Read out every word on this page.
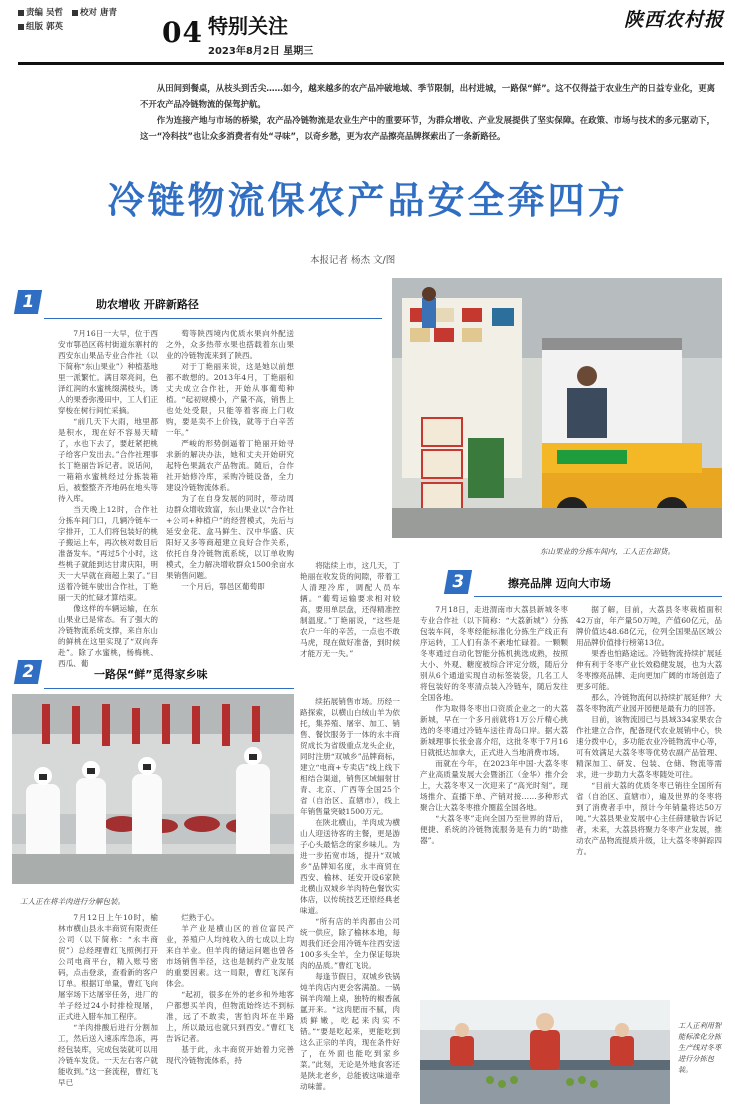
责编 吴哲 校对 唐青
组版 郭英	04 特别关注
2023年8月2日 星期三
陕西农村报

从田间到餐桌，从枝头到舌尖……如今，越来越多的农产品冲破地域、季节限制，出村进城，一路保“鲜”。这不仅得益于农业生产的日益专业化，更离不开农产品冷链物流的保驾护航。

作为连接产地与市场的桥梁，农产品冷链物流是农业生产中的重要环节，为群众增收、产业发展提供了坚实保障。在政策、市场与技术的多元驱动下，这一“冷科技”也让众多消费者有处“寻味”，以奇乡愁，更为农产品擦亮品牌探索出了一条新路径。

冷链物流保农产品安全奔四方
本报记者 杨杰 文/图
1	助农增收 开辟新路径

7月16日一大早，位于西安市鄠邑区蒋村街道东寨村的西安东山果品专业合作社（以下简称“东山果业”）种植基地里一派繁忙。满目翠亮间，色泽红润的水蜜桃缀满枝头，诱人的果香弥漫田中，工人们正穿梭在树行间忙采摘。

“前几天下大雨，地里都是积水，现在好不容易天晴了，水也下去了，要赶紧把桃子给客户发出去。”合作社理事长丁艳丽告诉记者。说话间，一箱箱水蜜桃经过分拣装箱后，被整整齐齐地码在地头等待入库。

当天晚上12时，合作社分拣车间门口，几辆冷链车一字排开，工人们将包装好的桃子搬运上车，再次核对数目后准备发车。“再过5个小时，这些桃子就能到达甘肃庆阳，明天一大早就在商超上架了。”目送着冷链车驶出合作社，丁艳丽一天的忙碌才算结束。

像这样的车辆运输，在东山果业已是常态。有了强大的冷链物流系统支撑，来自东山的鲜桃在这里实现了“双向奔赴”。除了水蜜桃，杨梅桃、西瓜、葡

萄等陕西境内优质水果向外配送之外，众多热带水果也搭载着东山果业的冷链物流来到了陕西。

对于丁艳丽来说，这是她以前想都不敢想的。2013年4月，丁艳丽和丈夫成立合作社，开始从事葡萄种植。“起初规模小，产量不高，销售上也处处受限，只能等着客商上门收购，要是卖不上价钱，就等于白辛苦一年。”

严峻的形势倒逼着丁艳丽开始寻求新的解决办法，她和丈夫开始研究起特色果蔬农产品物流。随后，合作社开始修冷库，采购冷链设备，全力建设冷链物流体系。

为了在自身发展的同时，带动周边群众增收致富，东山果业以“合作社+公司+种植户”的经营模式，先后与延安金花、盒马鲜生、汉中华盛、庆阳好又多等商超建立良好合作关系，依托自身冷链物流系统，以订单收购模式，全力解决增收群众1500余亩水果销售问题。

一个月后，鄠邑区葡萄即

东山果业的分拣车间内，工人正在卸货。

将陆续上市，这几天，丁艳丽在收发货的间隙，带着工人清理冷库，调配人员车辆。“葡萄运输要求相对较高，要用单层盘，还得精准控制温度。”丁艳丽说，“这些是农户一年的辛苦，一点也不敢马虎，现在做好准备，到时候才能万无一失。”

2	一路保“鲜”觅得家乡味
工人正在将羊肉进行分解包装。

7月12日上午10时，榆林市横山县永丰商贸有限责任公司（以下简称：“永丰商贸”）总经理曹红飞照例打开公司电商平台，精入账号密码，点击登录，查看新的客户订单。根据订单量，曹红飞向屠宰场下达屠宰任务，进厂的羊子经过24小时排检现屠，正式进入腊车加工程序。

“羊肉排酸后进行分割加工，然后送入速冻库急冻，再经包装库，完成包装就可以用冷链车发货。一天左右客户就能收到。”这一套流程，曹红飞早已

烂熟于心。

羊产业是横山区的首位富民产业，养殖户人均纯收入的七成以上均来自羊业。但羊肉的储运问题也曾各市场销售半径，这也是制约产业发展的重要因素。这一局限，曹红飞深有体会。

“起初，很多在外的老乡和外地客户都想买羊肉，但物流始终达不到标准，远了不敢卖，害怕肉坏在半路上，所以最远也就只到西安。”曹红飞告诉记者。

基于此，永丰商贸开始着力完善现代冷链物流体系，持

续拓展销售市场。历经一路探索，以横山白绒山羊为依托，集养殖、屠宰、加工、销售、餐饮服务于一体的永丰商贸成长为省级重点龙头企业，同时注册“双城乡”品牌商标，建立“电商+专卖店”线上线下相结合渠道，销售区域辐射甘青、北京、广西等全国25个省（自治区、直辖市），线上年销售量突破1500万元。

在陕北横山，羊肉成为横山人迎送待客的主餐，更是游子心头最惦念的家乡味儿。为进一步拓宽市场，提升“双城乡”品牌知名度，永丰商贸在西安、榆林、延安开设6家陕北横山双城乡羊肉特色餐饮实体店，以传统技艺还原经典老味道。

“所有店的羊肉都由公司统一供应，除了榆林本地，每周我们还会用冷链车往西安送100多头全羊，全力保证每块肉的品质。”曹红飞说。

每逢节假日，双城乡铁锅炖羊肉店内更会客满盈。一锅锅羊肉端上桌，独特的椒香氤氲开来。“这肉肥而不腻，肉质鲜嫩，吃起来肉实不错。”“要是吃起来，更能吃到这么正宗的羊肉，现在条件好了，在外面也能吃到家乡菜。”此刻，无论是外地食客还是陕北老乡，总能被这味道牵动味蕾。

3	擦亮品牌 迈向大市场

7月18日，走进渭南市大荔县新城冬枣专业合作社（以下简称：“大荔新城”）分拣包装车间，冬枣经能标准化分拣生产线正有序运转，工人们有条不紊地忙碌着。一颗颗冬枣通过自动化智能分拣机挑选成熟，按照大小、外观、糖度被综合评定分级，随后分别从6个通道实现自动标签装袋，几名工人将包装好的冬枣清点装入冷链车，随后发往全国各地。

作为取得冬枣出口资质企业之一的大荔新城，早在一个多月前就将1万公斤精心挑选的冬枣通过冷链车送往青岛口岸。据大荔新城理事长张金喜介绍，这批冬枣于7月16日就抵达加拿大，正式进入当地消费市场。

而就在今年，在2023年中国·大荔冬枣产业高质量发展大会暨浙江（金华）推介会上，大荔冬枣又一次迎来了“高光时刻”。现场推介、直播下单、产销对接……多种形式聚合让大荔冬枣推介圈蓝全国各地。

“大荔冬枣”走向全国乃至世界的背后，便捷、系统的冷链物流服务是有力的“助推器”。

据了解，目前，大荔县冬枣栽植面积42万亩，年产量50万吨，产值60亿元，品牌价值达48.68亿元，位列全国果品区域公用品牌价值排行榜第13位。

果香也怕路途远。冷链物流持续扩展延伸有利于冬枣产业长效稳健发展，也为大荔冬枣擦亮品牌、走向更加广阔的市场创造了更多可能。

那么，冷链物流何以持续扩展延伸？大荔冬枣物流产业园开园便是最有力的回答。

目前，该物流园已与县域334家果农合作社建立合作，配备现代农业展销中心，快速分拨中心，多功能农业冷链物流中心等，可有效满足大荔冬枣等优势农副产品管理、精深加工、研发、包装、仓储、物流等需求，进一步助力大荔冬枣随处可往。

“目前大荔的优质冬枣已销往全国所有省（自治区、直辖市），遍及世界的冬枣将到了消费者手中，预计今年销量将达50万吨。”大荔县果业发展中心主任薛建敏告诉记者，未来，大荔县将聚力冬枣产业发展，推动农产品物流提质升级，让大荔冬枣鲜踪四方。

工人正利用智能标准化分拣生产线对冬枣进行分拣包装。
